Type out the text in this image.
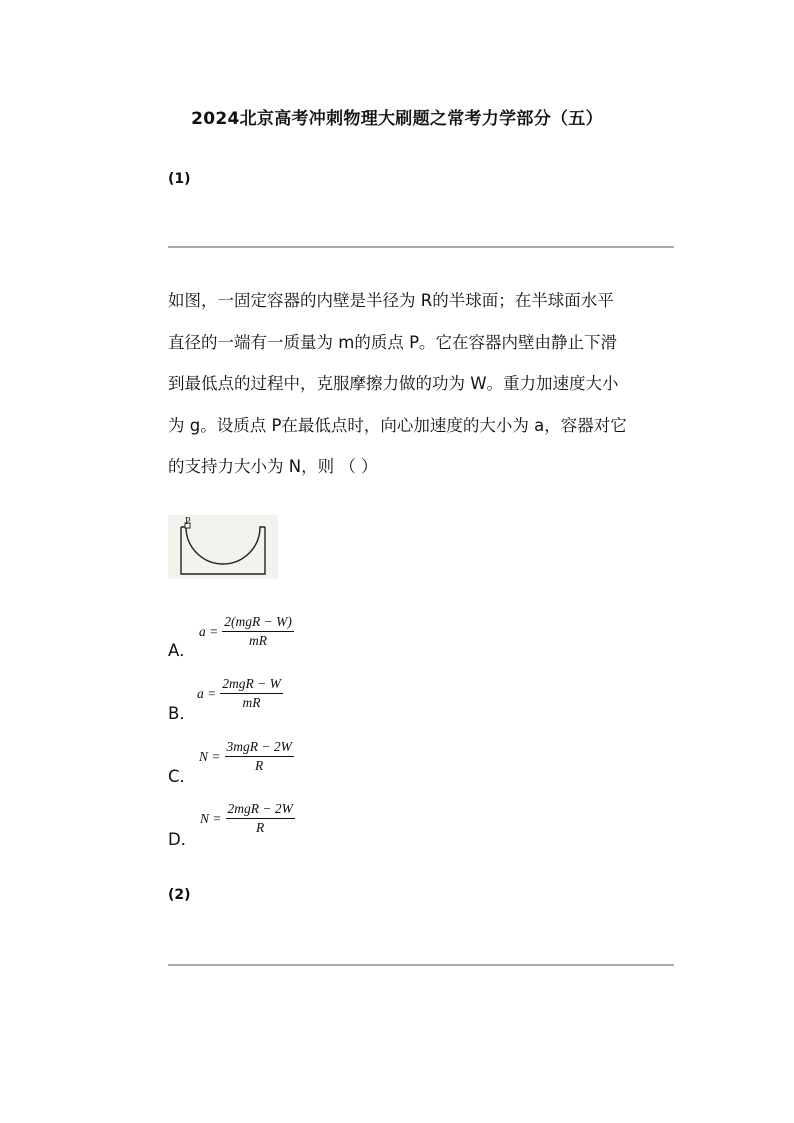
2024北京高考冲刺物理大刷题之常考力学部分（五）
(1)
如图，一固定容器的内壁是半径为 R的半球面；在半球面水平
直径的一端有一质量为 m的质点 P。它在容器内壁由静止下滑
到最低点的过程中，克服摩擦力做的功为 W。重力加速度大小
为 g。设质点 P在最低点时，向心加速度的大小为 a，容器对它
的支持力大小为 N，则 （ ）
P
A．
$a = \frac{\text{2(mgR − W)}}{mR}$
B．
$a = \frac{\text{2mgR − W}}{mR}$
C．
$N = \frac{\text{3mgR − 2W}}{R}$
D．
$N = \frac{\text{2mgR − 2W}}{R}$
(2)
